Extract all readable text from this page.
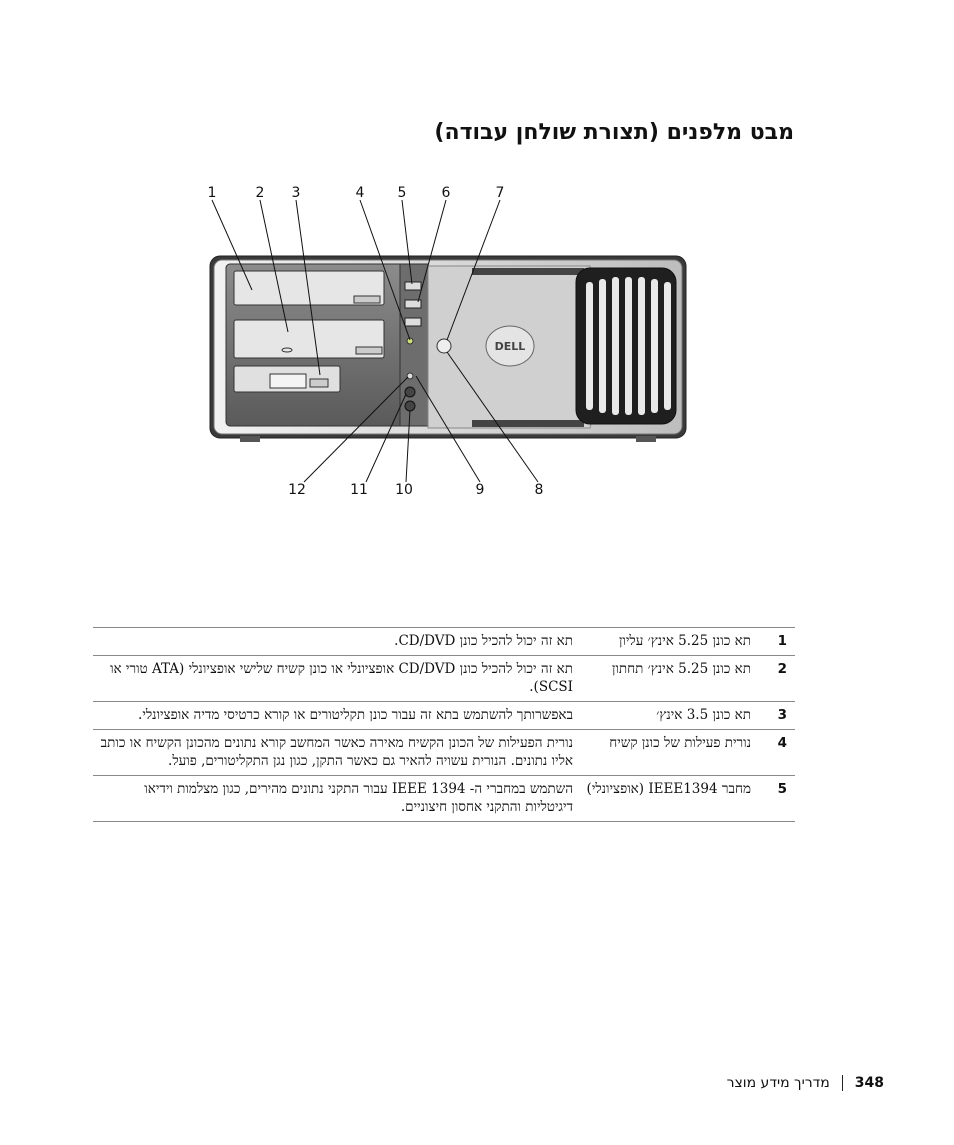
מבט מלפנים (תצורת שולחן עבודה)
DELL
1	2	3	4	5	6	7
12	11 10	9	8
1	תא כונן 5.25 אינץ׳ עליון	תא זה יכול להכיל כונן CD/DVD.
2	תא כונן 5.25 אינץ׳ תחתון	תא זה יכול להכיל כונן CD/DVD אופציונלי או כונן קשיח שלישי אופציונלי (ATA טורי או SCSI).
3	תא כונן 3.5 אינץ׳	באפשרותך להשתמש בתא זה עבור כונן תקליטורים או קורא כרטיסי מדיה אופציונלי.
4	נורית פעילות של כונן קשיח	נורית הפעילות של הכונן הקשיח מאירה כאשר המחשב קורא נתונים מהכונן הקשיח או כותב אליו נתונים. הנורית עשויה להאיר גם כאשר התקן, כגון נגן התקליטורים, פועל.
5	מחבר IEEE1394 (אופציונלי)	השתמש במחברי ה- IEEE 1394 עבור התקני נתונים מהירים, כגון מצלמות וידיאו דיגיטליות והתקני אחסון חיצוניים.
348
מדריך מידע מוצר
